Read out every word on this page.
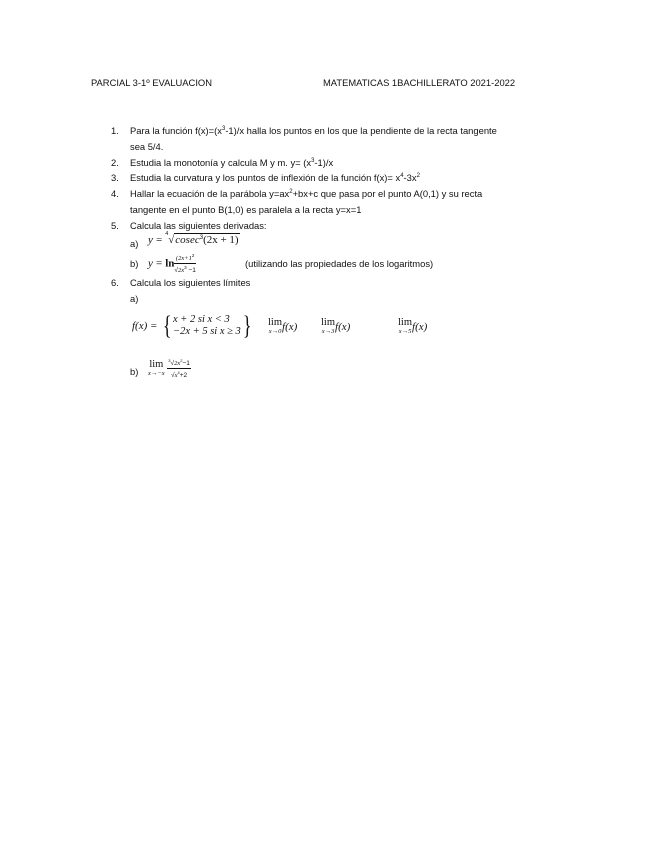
PARCIAL 3-1º EVALUACION	MATEMATICAS 1BACHILLERATO 2021-2022
1. Para la función $f(x)=(x^3-1)/x$ halla los puntos en los que la pendiente de la recta tangente
sea 5/4.
2. Estudia la monotonía y calcula M y m. $y= (x^3-1)/x$
3. Estudia la curvatura y los puntos de inflexión de la función $f(x)= x^4-3x^2$
4. Hallar la ecuación de la parábola $y=ax^2+bx+c$ que pasa por el punto A(0,1) y su recta
tangente en el punto B(1,0) es paralela a la recta y=x=1
5. Calcula las siguientes derivadas:
a) y = 4 √cosec$^3$(2x + 1)
b) $y = \ln \frac{(2x+1^2}{√2x^3 -1}$	(utilizando las propiedades de los logaritmos)
6. Calcula los siguientes límites
a)
f(x) = { x + 2 si x < 3
−2x + 5 si x ≥ 3 } lim
x→0 f(x) lim
x→3 f(x)	lim
x→5 f(x)
b)
lim
x→−x
$\frac{^3√2x^2-1}{√x^4+2}$
